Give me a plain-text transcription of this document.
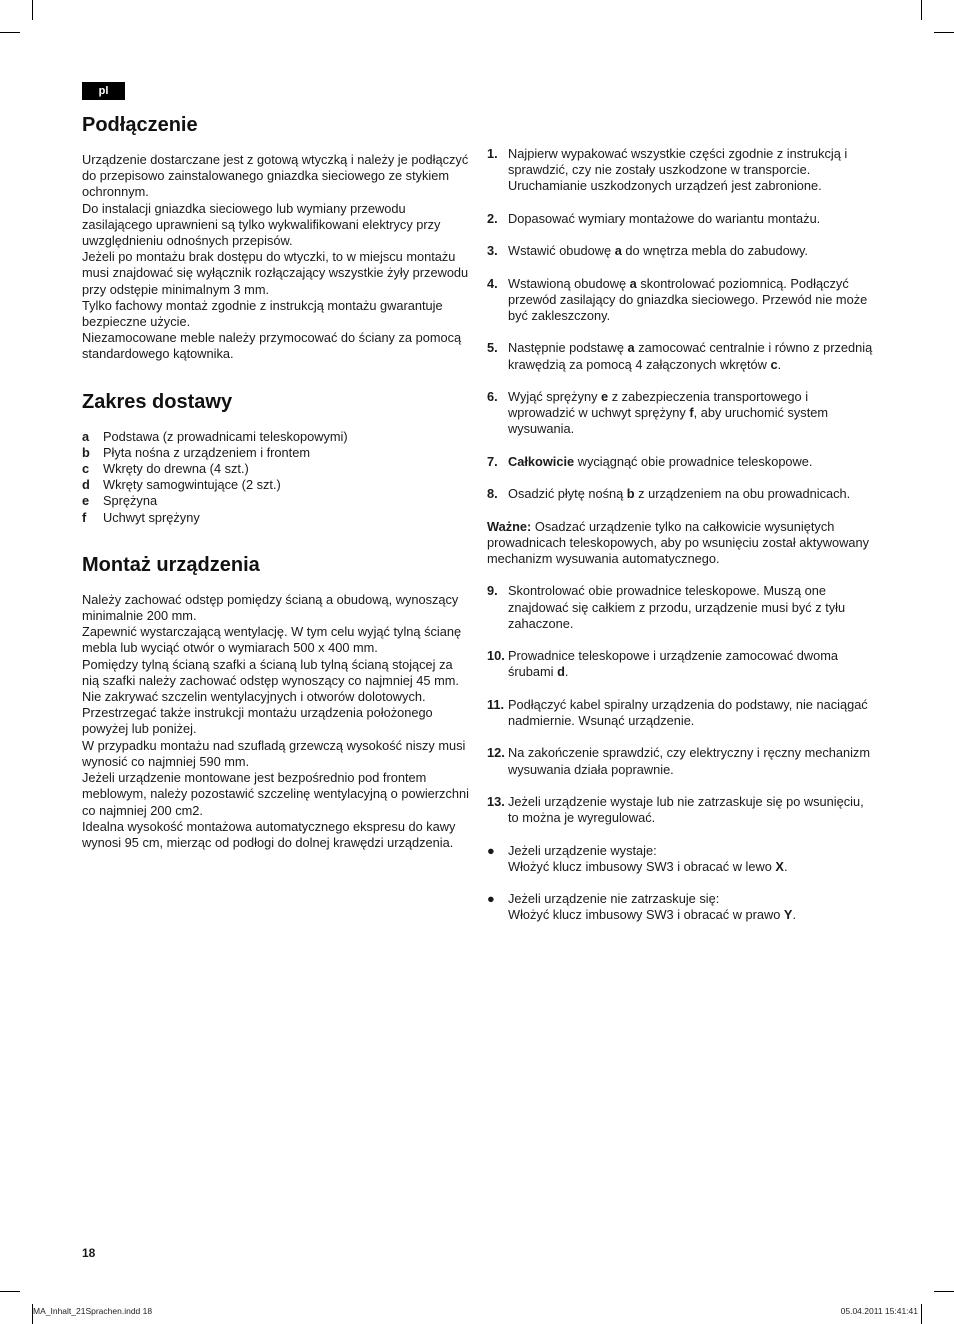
pl
Podłączenie

Urządzenie dostarczane jest z gotową wtyczką i należy je podłączyć do przepisowo zainstalowanego gniazdka sieciowego ze stykiem ochronnym.

Do instalacji gniazdka sieciowego lub wymiany przewodu zasilającego uprawnieni są tylko wykwalifikowani elektrycy przy uwzględnieniu odnośnych przepisów.

Jeżeli po montażu brak dostępu do wtyczki, to w miejscu montażu musi znajdować się wyłącznik rozłączający wszystkie żyły przewodu przy odstępie minimalnym 3 mm.

Tylko fachowy montaż zgodnie z instrukcją montażu gwarantuje bezpieczne użycie.

Niezamocowane meble należy przymocować do ściany za pomocą standardowego kątownika.

Zakres dostawy
a	Podstawa (z prowadnicami teleskopowymi)
b	Płyta nośna z urządzeniem i frontem
c	Wkręty do drewna (4 szt.)
d	Wkręty samogwintujące (2 szt.)
e	Sprężyna
f	Uchwyt sprężyny
Montaż urządzenia

Należy zachować odstęp pomiędzy ścianą a obudową, wynoszący minimalnie 200 mm.

Zapewnić wystarczającą wentylację. W tym celu wyjąć tylną ścianę mebla lub wyciąć otwór o wymiarach 500 x 400 mm.

Pomiędzy tylną ścianą szafki a ścianą lub tylną ścianą stojącej za nią szafki należy zachować odstęp wynoszący co najmniej 45 mm.

Nie zakrywać szczelin wentylacyjnych i otworów dolotowych.

Przestrzegać także instrukcji montażu urządzenia położonego powyżej lub poniżej.

W przypadku montażu nad szufladą grzewczą wysokość niszy musi wynosić co najmniej 590 mm.

Jeżeli urządzenie montowane jest bezpośrednio pod frontem meblowym, należy pozostawić szczelinę wentylacyjną o powierzchni co najmniej 200 cm2.

Idealna wysokość montażowa automatycznego ekspresu do kawy wynosi 95 cm, mierząc od podłogi do dolnej krawędzi urządzenia.

1. Najpierw wypakować wszystkie części zgodnie z instrukcją i sprawdzić, czy nie zostały uszkodzone w transporcie. Uruchamianie uszkodzonych urządzeń jest zabronione.
2. Dopasować wymiary montażowe do wariantu montażu.
3. Wstawić obudowę a do wnętrza mebla do zabudowy.
4. Wstawioną obudowę a skontrolować poziomnicą. Podłączyć przewód zasilający do gniazdka sieciowego. Przewód nie może być zakleszczony.
5. Następnie podstawę a zamocować centralnie i równo z przednią krawędzią za pomocą 4 załączonych wkrętów c.
6. Wyjąć sprężyny e z zabezpieczenia transportowego i wprowadzić w uchwyt sprężyny f, aby uruchomić system wysuwania.
7. Całkowicie wyciągnąć obie prowadnice teleskopowe.
8. Osadzić płytę nośną b z urządzeniem na obu prowadnicach.

Ważne: Osadzać urządzenie tylko na całkowicie wysuniętych prowadnicach teleskopowych, aby po wsunięciu został aktywowany mechanizm wysuwania automatycznego.

9. Skontrolować obie prowadnice teleskopowe. Muszą one znajdować się całkiem z przodu, urządzenie musi być z tyłu zahaczone.
10. Prowadnice teleskopowe i urządzenie zamocować dwoma śrubami d.
11. Podłączyć kabel spiralny urządzenia do podstawy, nie naciągać nadmiernie. Wsunąć urządzenie.
12. Na zakończenie sprawdzić, czy elektryczny i ręczny mechanizm wysuwania działa poprawnie.
13. Jeżeli urządzenie wystaje lub nie zatrzaskuje się po wsunięciu, to można je wyregulować.
●	Jeżeli urządzenie wystaje:
Włożyć klucz imbusowy SW3 i obracać w lewo X.
●	Jeżeli urządzenie nie zatrzaskuje się:
Włożyć klucz imbusowy SW3 i obracać w prawo Y.
18
MA_Inhalt_21Sprachen.indd 18	05.04.2011 15:41:41
